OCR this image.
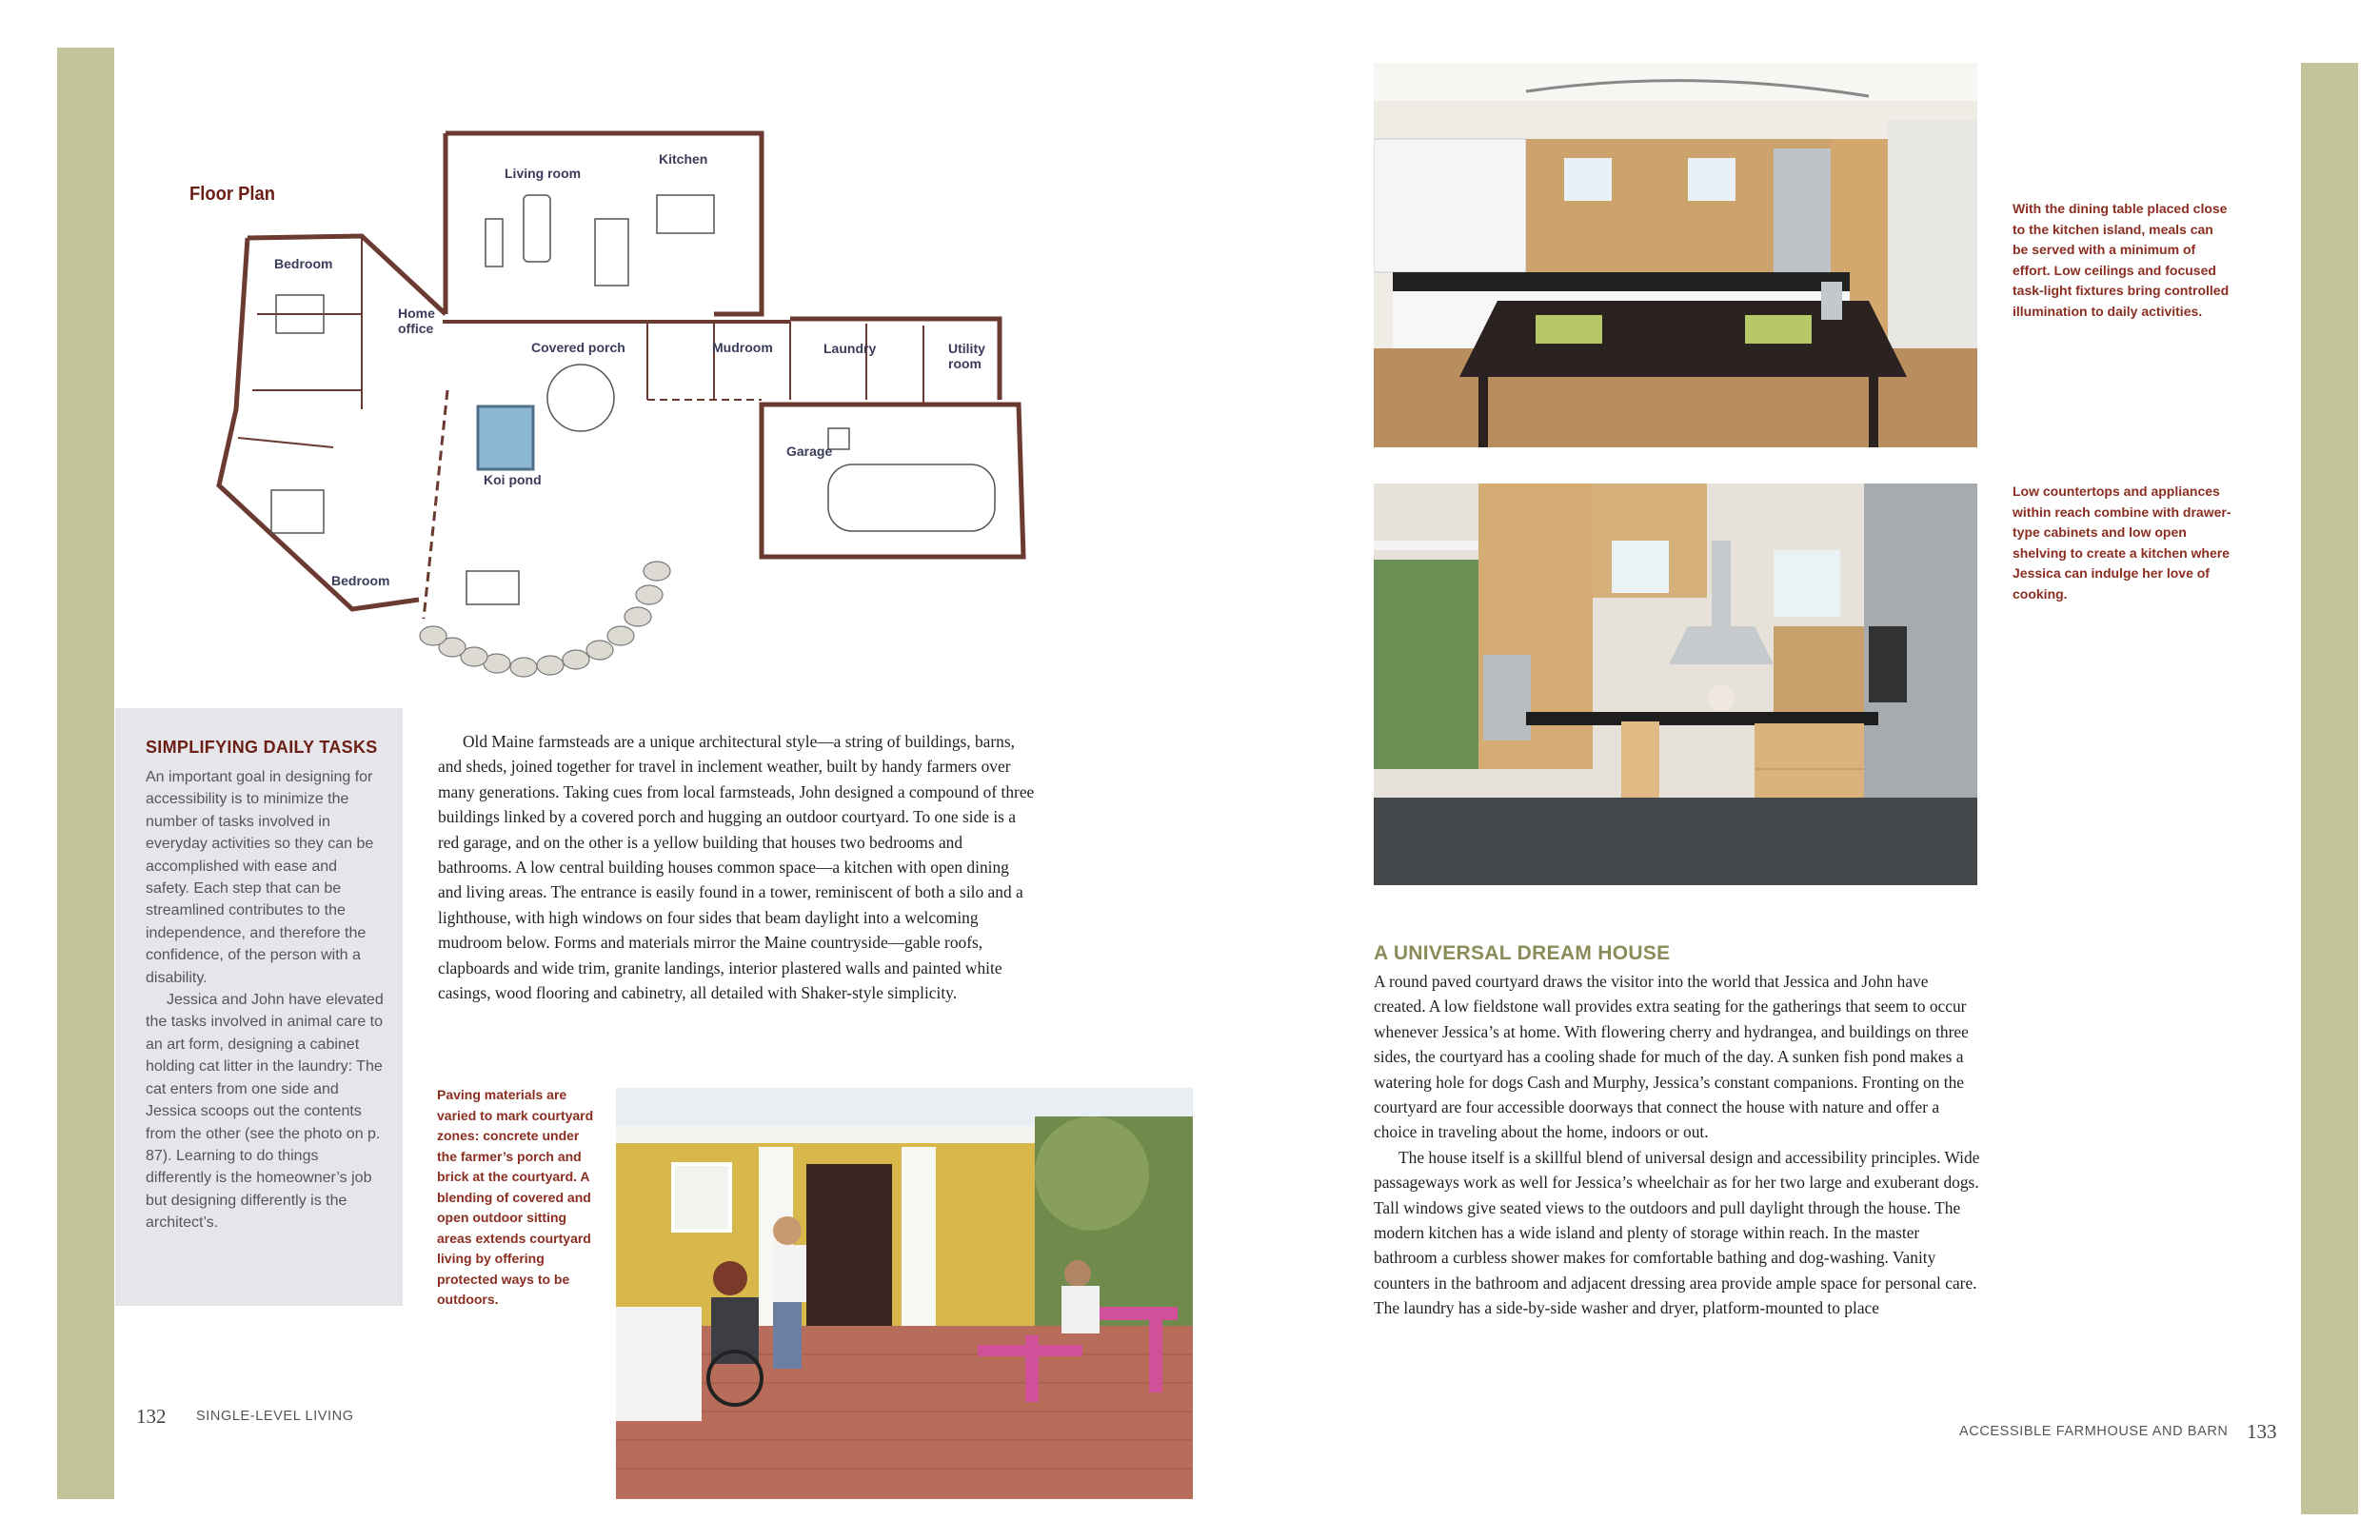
Floor Plan
Living room
Kitchen
Bedroom
Home
office
Covered porch	Mudroom	Laundry	Utility
room
Garage
Koi pond
Bedroom
SIMPLIFYING DAILY TASKS

An important goal in designing for accessibility is to minimize the number of tasks involved in everyday activities so they can be accomplished with ease and safety. Each step that can be streamlined contributes to the independence, and therefore the confidence, of the person with a disability.

Jessica and John have elevated the tasks involved in animal care to an art form, designing a cabinet holding cat litter in the laundry: The cat enters from one side and Jessica scoops out the contents from the other (see the photo on p. 87). Learning to do things differently is the homeowner’s job but designing differently is the architect’s.

Old Maine farmsteads are a unique architectural style—a string of buildings, barns, and sheds, joined together for travel in inclement weather, built by handy farmers over many generations. Taking cues from local farmsteads, John designed a compound of three buildings linked by a covered porch and hugging an outdoor courtyard. To one side is a red garage, and on the other is a yellow building that houses two bedrooms and bathrooms. A low central building houses common space—a kitchen with open dining and living areas. The entrance is easily found in a tower, reminiscent of both a silo and a lighthouse, with high windows on four sides that beam daylight into a welcoming mudroom below. Forms and materials mirror the Maine countryside—gable roofs, clapboards and wide trim, granite landings, interior plastered walls and painted white casings, wood flooring and cabinetry, all detailed with Shaker-style simplicity.

Paving materials are varied to mark courtyard zones: concrete under the farmer’s porch and brick at the courtyard. A blending of covered and open outdoor sitting areas extends courtyard living by offering protected ways to be outdoors.
With the dining table placed close to the kitchen island, meals can be served with a minimum of effort. Low ceilings and focused task-light fixtures bring controlled illumination to daily activities.
Low countertops and appliances within reach combine with drawer-type cabinets and low open shelving to create a kitchen where Jessica can indulge her love of cooking.
A UNIVERSAL DREAM HOUSE

A round paved courtyard draws the visitor into the world that Jessica and John have created. A low fieldstone wall provides extra seating for the gatherings that seem to occur whenever Jessica’s at home. With flowering cherry and hydrangea, and buildings on three sides, the courtyard has a cooling shade for much of the day. A sunken fish pond makes a watering hole for dogs Cash and Murphy, Jessica’s constant companions. Fronting on the courtyard are four accessible doorways that connect the house with nature and offer a choice in traveling about the home, indoors or out.

The house itself is a skillful blend of universal design and accessibility principles. Wide passageways work as well for Jessica’s wheelchair as for her two large and exuberant dogs. Tall windows give seated views to the outdoors and pull daylight through the house. The modern kitchen has a wide island and plenty of storage within reach. In the master bathroom a curbless shower makes for comfortable bathing and dog-washing. Vanity counters in the bathroom and adjacent dressing area provide ample space for personal care. The laundry has a side-by-side washer and dryer, platform-mounted to place

132 SINGLE-LEVEL LIVING
ACCESSIBLE FARMHOUSE AND BARN 133
